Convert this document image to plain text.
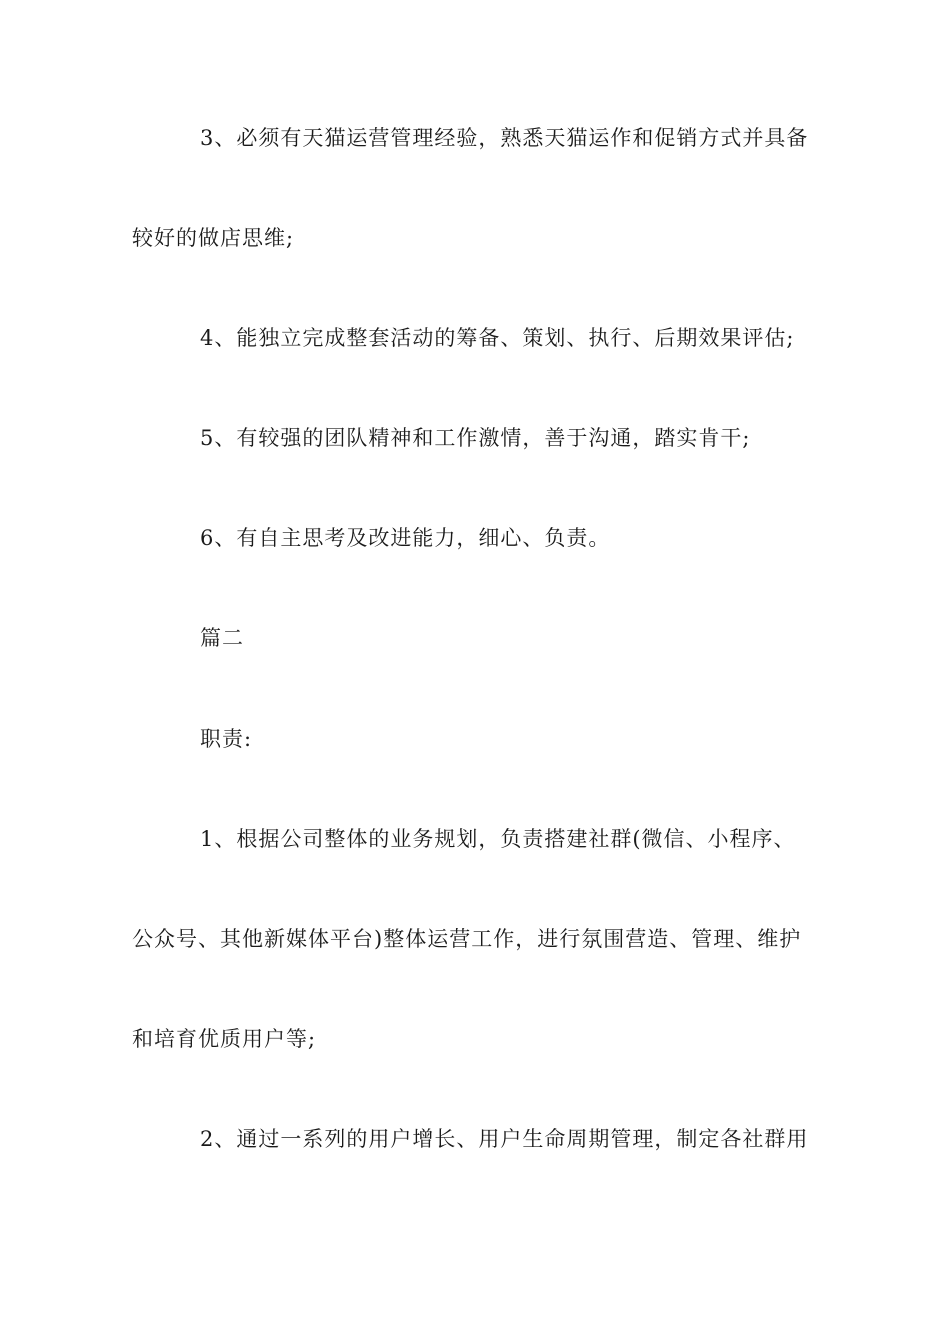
3、必须有天猫运营管理经验，熟悉天猫运作和促销方式并具备
较好的做店思维;
4、能独立完成整套活动的筹备、策划、执行、后期效果评估;
5、有较强的团队精神和工作激情，善于沟通，踏实肯干;
6、有自主思考及改进能力，细心、负责。
篇二
职责:
1、根据公司整体的业务规划，负责搭建社群(微信、小程序、
公众号、其他新媒体平台)整体运营工作，进行氛围营造、管理、维护
和培育优质用户等;
2、通过一系列的用户增长、用户生命周期管理，制定各社群用
